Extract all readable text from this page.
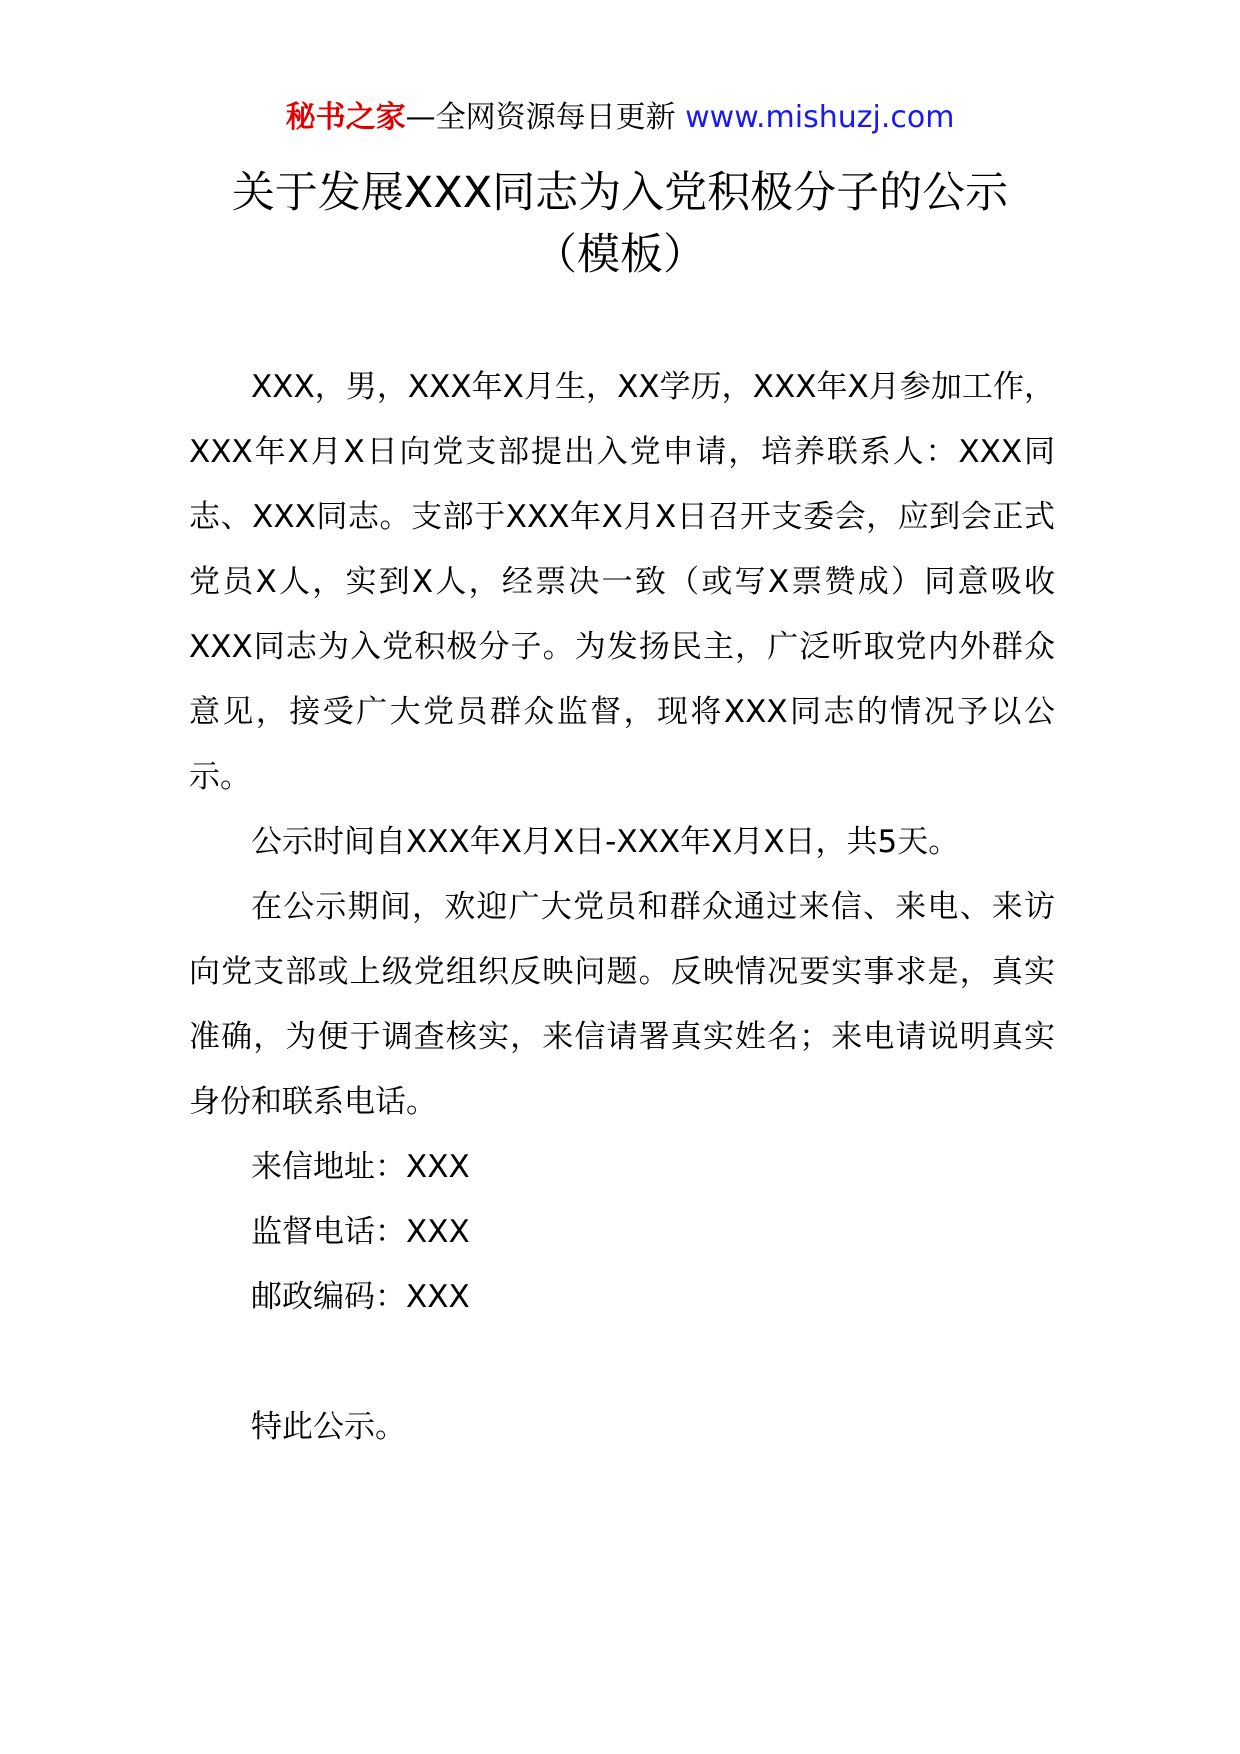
秘书之家—全网资源每日更新 www.mishuzj.com
关于发展XXX同志为入党积极分子的公示
（模板）

XXX，男，XXX年X月生，XX学历，XXX年X月参加工作，XXX年X月X日向党支部提出入党申请，培养联系人：XXX同志、XXX同志。支部于XXX年X月X日召开支委会，应到会正式党员X人，实到X人，经票决一致（或写X票赞成）同意吸收XXX同志为入党积极分子。为发扬民主，广泛听取党内外群众意见，接受广大党员群众监督，现将XXX同志的情况予以公示。

公示时间自XXX年X月X日-XXX年X月X日，共5天。

在公示期间，欢迎广大党员和群众通过来信、来电、来访向党支部或上级党组织反映问题。反映情况要实事求是，真实准确，为便于调查核实，来信请署真实姓名；来电请说明真实身份和联系电话。

来信地址：XXX

监督电话：XXX

邮政编码：XXX

特此公示。
